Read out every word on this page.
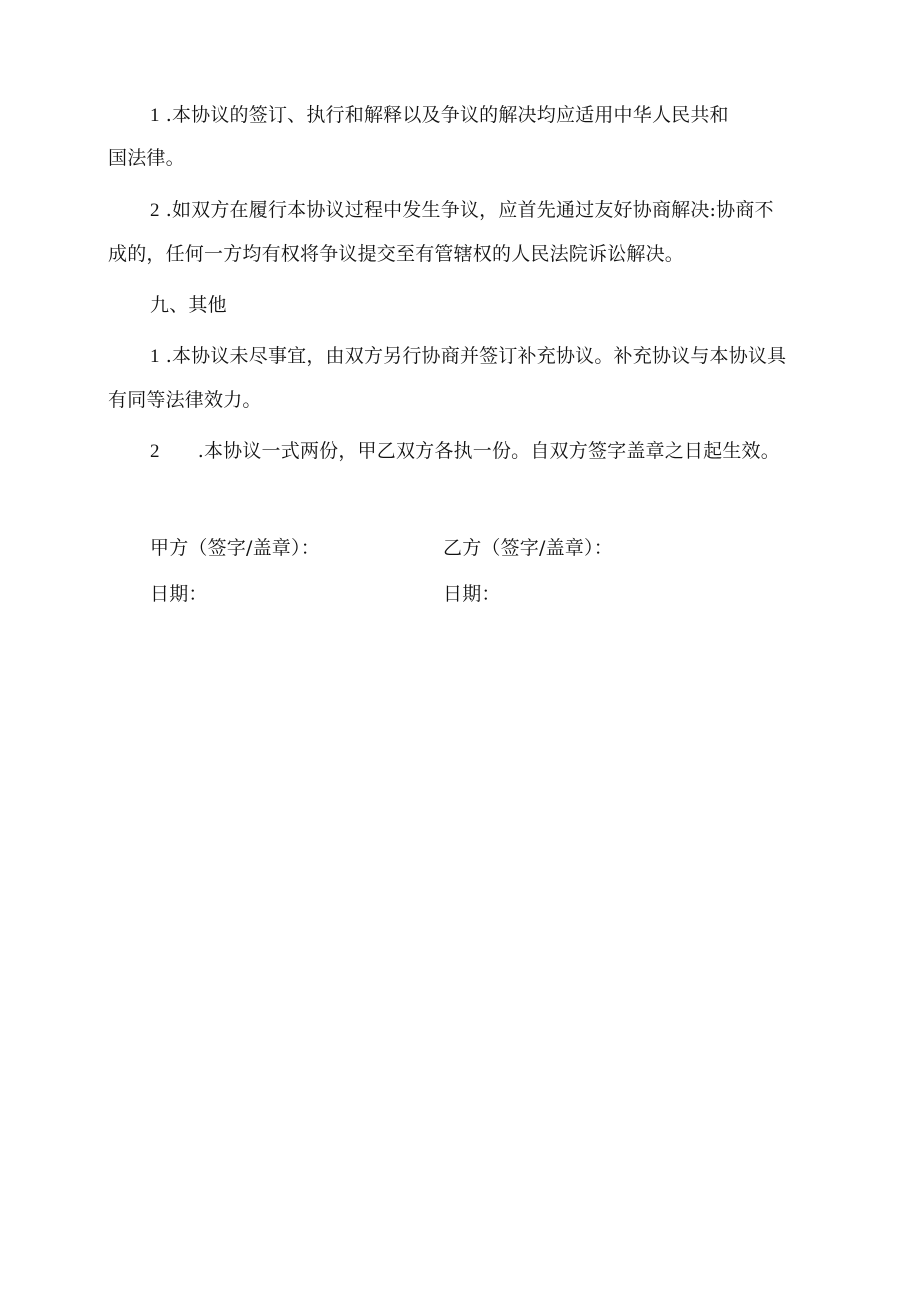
1 .本协议的签订、执行和解释以及争议的解决均应适用中华人民共和
国法律。
2 .如双方在履行本协议过程中发生争议，应首先通过友好协商解决:协商不
成的，任何一方均有权将争议提交至有管辖权的人民法院诉讼解决。
九、其他
1 .本协议未尽事宜，由双方另行协商并签订补充协议。补充协议与本协议具
有同等法律效力。
2 .本协议一式两份，甲乙双方各执一份。自双方签字盖章之日起生效。
甲方（签字/盖章）：	乙方（签字/盖章）：
日期：	日期：
